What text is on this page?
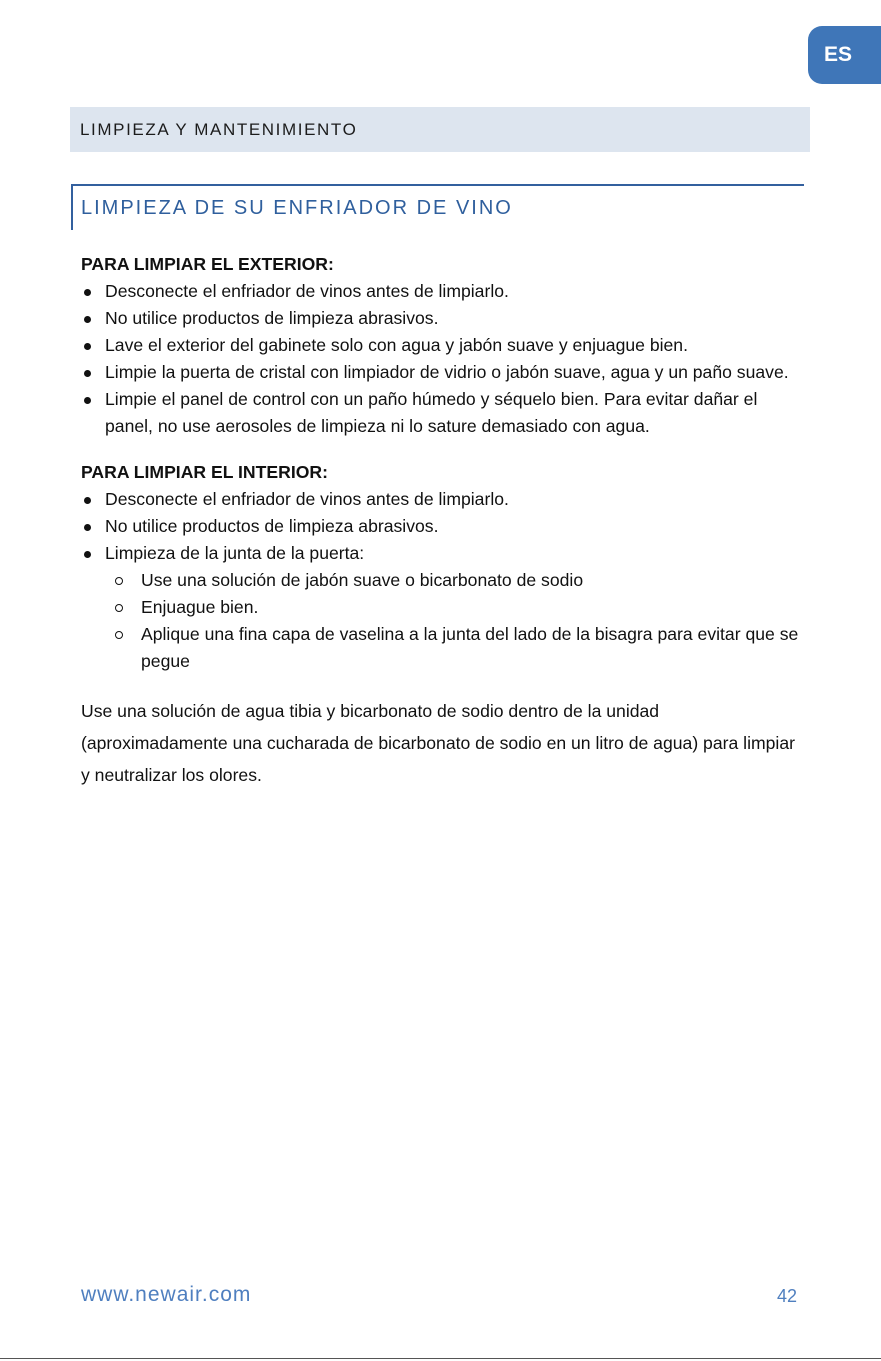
ES
LIMPIEZA Y MANTENIMIENTO
LIMPIEZA DE SU ENFRIADOR DE VINO
PARA LIMPIAR EL EXTERIOR:
Desconecte el enfriador de vinos antes de limpiarlo.
No utilice productos de limpieza abrasivos.
Lave el exterior del gabinete solo con agua y jabón suave y enjuague bien.
Limpie la puerta de cristal con limpiador de vidrio o jabón suave, agua y un paño suave.
Limpie el panel de control con un paño húmedo y séquelo bien. Para evitar dañar el panel, no use aerosoles de limpieza ni lo sature demasiado con agua.
PARA LIMPIAR EL INTERIOR:
Desconecte el enfriador de vinos antes de limpiarlo.
No utilice productos de limpieza abrasivos.
Limpieza de la junta de la puerta:
Use una solución de jabón suave o bicarbonato de sodio
Enjuague bien.
Aplique una fina capa de vaselina a la junta del lado de la bisagra para evitar que se pegue

Use una solución de agua tibia y bicarbonato de sodio dentro de la unidad (aproximadamente una cucharada de bicarbonato de sodio en un litro de agua) para limpiar y neutralizar los olores.

www.newair.com	42
